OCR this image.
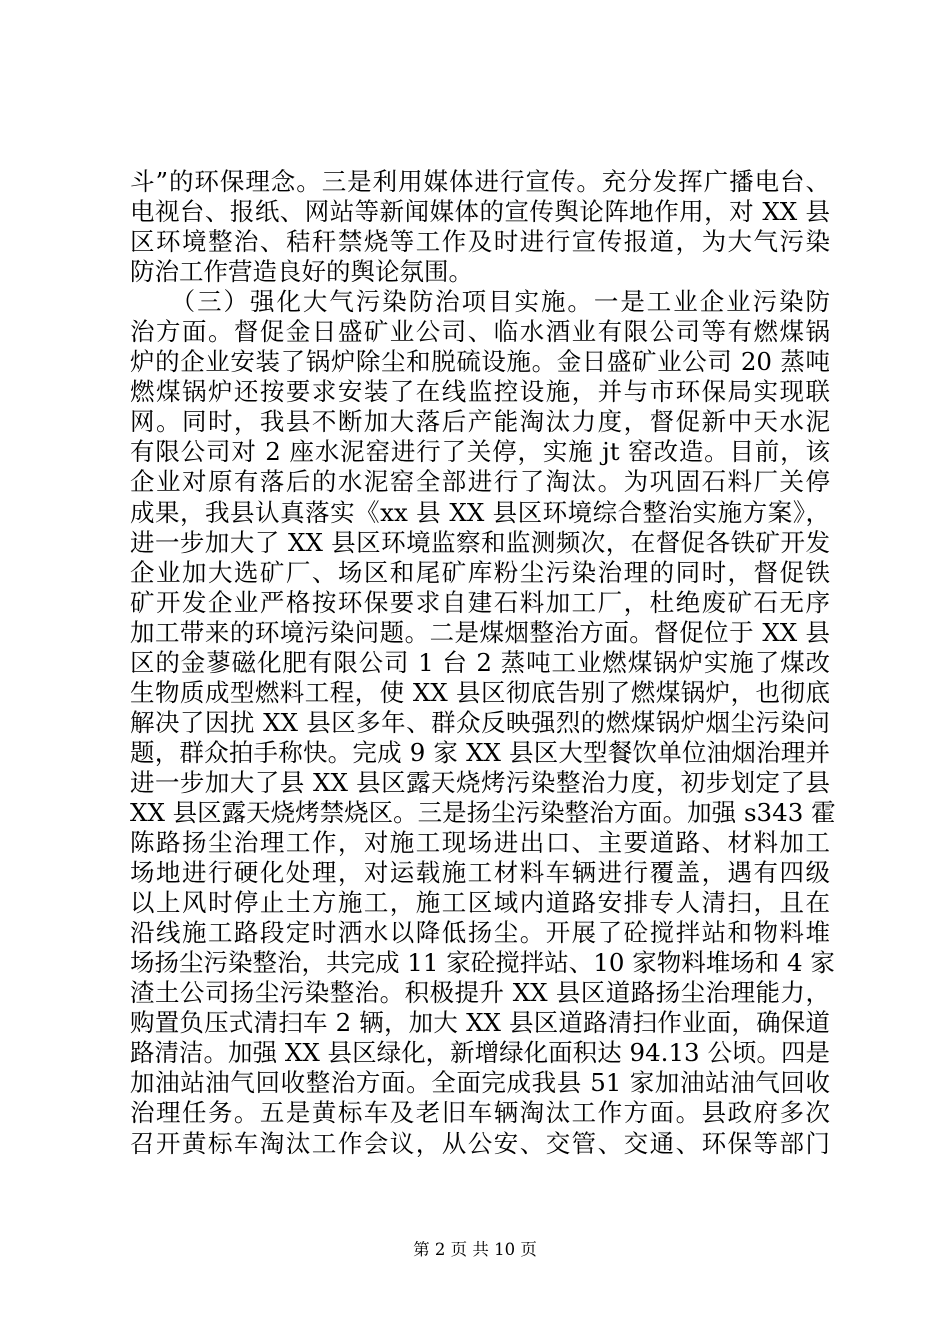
斗”的环保理念。三是利用媒体进行宣传。充分发挥广播电台、
电视台、报纸、网站等新闻媒体的宣传舆论阵地作用，对 XX 县
区环境整治、秸秆禁烧等工作及时进行宣传报道，为大气污染
防治工作营造良好的舆论氛围。
　　（三）强化大气污染防治项目实施。一是工业企业污染防
治方面。督促金日盛矿业公司、临水酒业有限公司等有燃煤锅
炉的企业安装了锅炉除尘和脱硫设施。金日盛矿业公司 20 蒸吨
燃煤锅炉还按要求安装了在线监控设施，并与市环保局实现联
网。同时，我县不断加大落后产能淘汰力度，督促新中天水泥
有限公司对 2 座水泥窑进行了关停，实施 jt 窑改造。目前，该
企业对原有落后的水泥窑全部进行了淘汰。为巩固石料厂关停
成果，我县认真落实《xx 县 XX 县区环境综合整治实施方案》，
进一步加大了 XX 县区环境监察和监测频次，在督促各铁矿开发
企业加大选矿厂、场区和尾矿库粉尘污染治理的同时，督促铁
矿开发企业严格按环保要求自建石料加工厂，杜绝废矿石无序
加工带来的环境污染问题。二是煤烟整治方面。督促位于 XX 县
区的金蓼磁化肥有限公司 1 台 2 蒸吨工业燃煤锅炉实施了煤改
生物质成型燃料工程，使 XX 县区彻底告别了燃煤锅炉，也彻底
解决了因扰 XX 县区多年、群众反映强烈的燃煤锅炉烟尘污染问
题，群众拍手称快。完成 9 家 XX 县区大型餐饮单位油烟治理并
进一步加大了县 XX 县区露天烧烤污染整治力度，初步划定了县
XX 县区露天烧烤禁烧区。三是扬尘污染整治方面。加强 s343 霍
陈路扬尘治理工作，对施工现场进出口、主要道路、材料加工
场地进行硬化处理，对运载施工材料车辆进行覆盖，遇有四级
以上风时停止土方施工，施工区域内道路安排专人清扫，且在
沿线施工路段定时洒水以降低扬尘。开展了砼搅拌站和物料堆
场扬尘污染整治，共完成 11 家砼搅拌站、10 家物料堆场和 4 家
渣土公司扬尘污染整治。积极提升 XX 县区道路扬尘治理能力，
购置负压式清扫车 2 辆，加大 XX 县区道路清扫作业面，确保道
路清洁。加强 XX 县区绿化，新增绿化面积达 94.13 公顷。四是
加油站油气回收整治方面。全面完成我县 51 家加油站油气回收
治理任务。五是黄标车及老旧车辆淘汰工作方面。县政府多次
召开黄标车淘汰工作会议，从公安、交管、交通、环保等部门
第 2 页 共 10 页
